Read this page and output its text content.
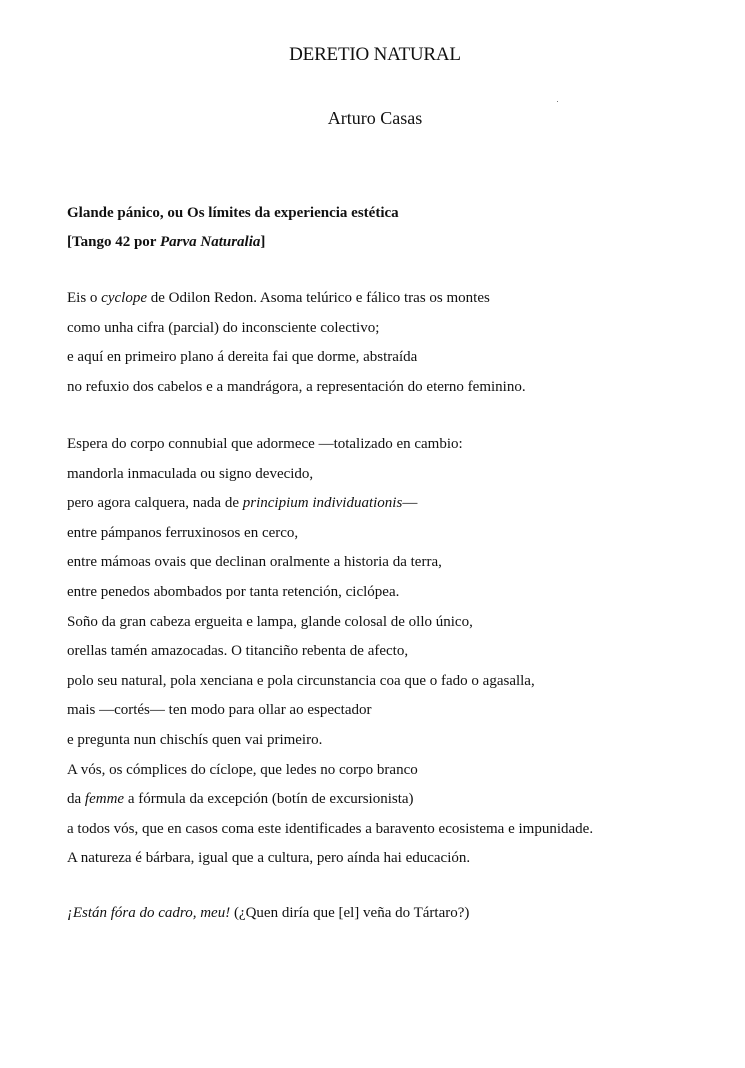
DERETIO NATURAL
Arturo Casas
Glande pánico, ou Os límites da experiencia estética
[Tango 42 por Parva Naturalia]
Eis o cyclope de Odilon Redon. Asoma telúrico e fálico tras os montes
como unha cifra (parcial) do inconsciente colectivo;
e aquí en primeiro plano á dereita fai que dorme, abstraída
no refuxio dos cabelos e a mandrágora, a representación do eterno feminino.
Espera do corpo connubial que adormece —totalizado en cambio:
mandorla inmaculada ou signo devecido,
pero agora calquera, nada de principium individuationis—
entre pámpanos ferruxinosos en cerco,
entre mámoas ovais que declinan oralmente a historia da terra,
entre penedos abombados por tanta retención, ciclópea.
Soño da gran cabeza ergueita e lampa, glande colosal de ollo único,
orellas tamén amazocadas. O titanciño rebenta de afecto,
polo seu natural, pola xenciana e pola circunstancia coa que o fado o agasalla,
mais —cortés— ten modo para ollar ao espectador
e pregunta nun chischís quen vai primeiro.
A vós, os cómplices do cíclope, que ledes no corpo branco
da femme a fórmula da excepción (botín de excursionista)
a todos vós, que en casos coma este identificades a baravento ecosistema e impunidade.
A natureza é bárbara, igual que a cultura, pero aínda hai educación.
¡Están fóra do cadro, meu! (¿Quen diría que [el] veña do Tártaro?)
